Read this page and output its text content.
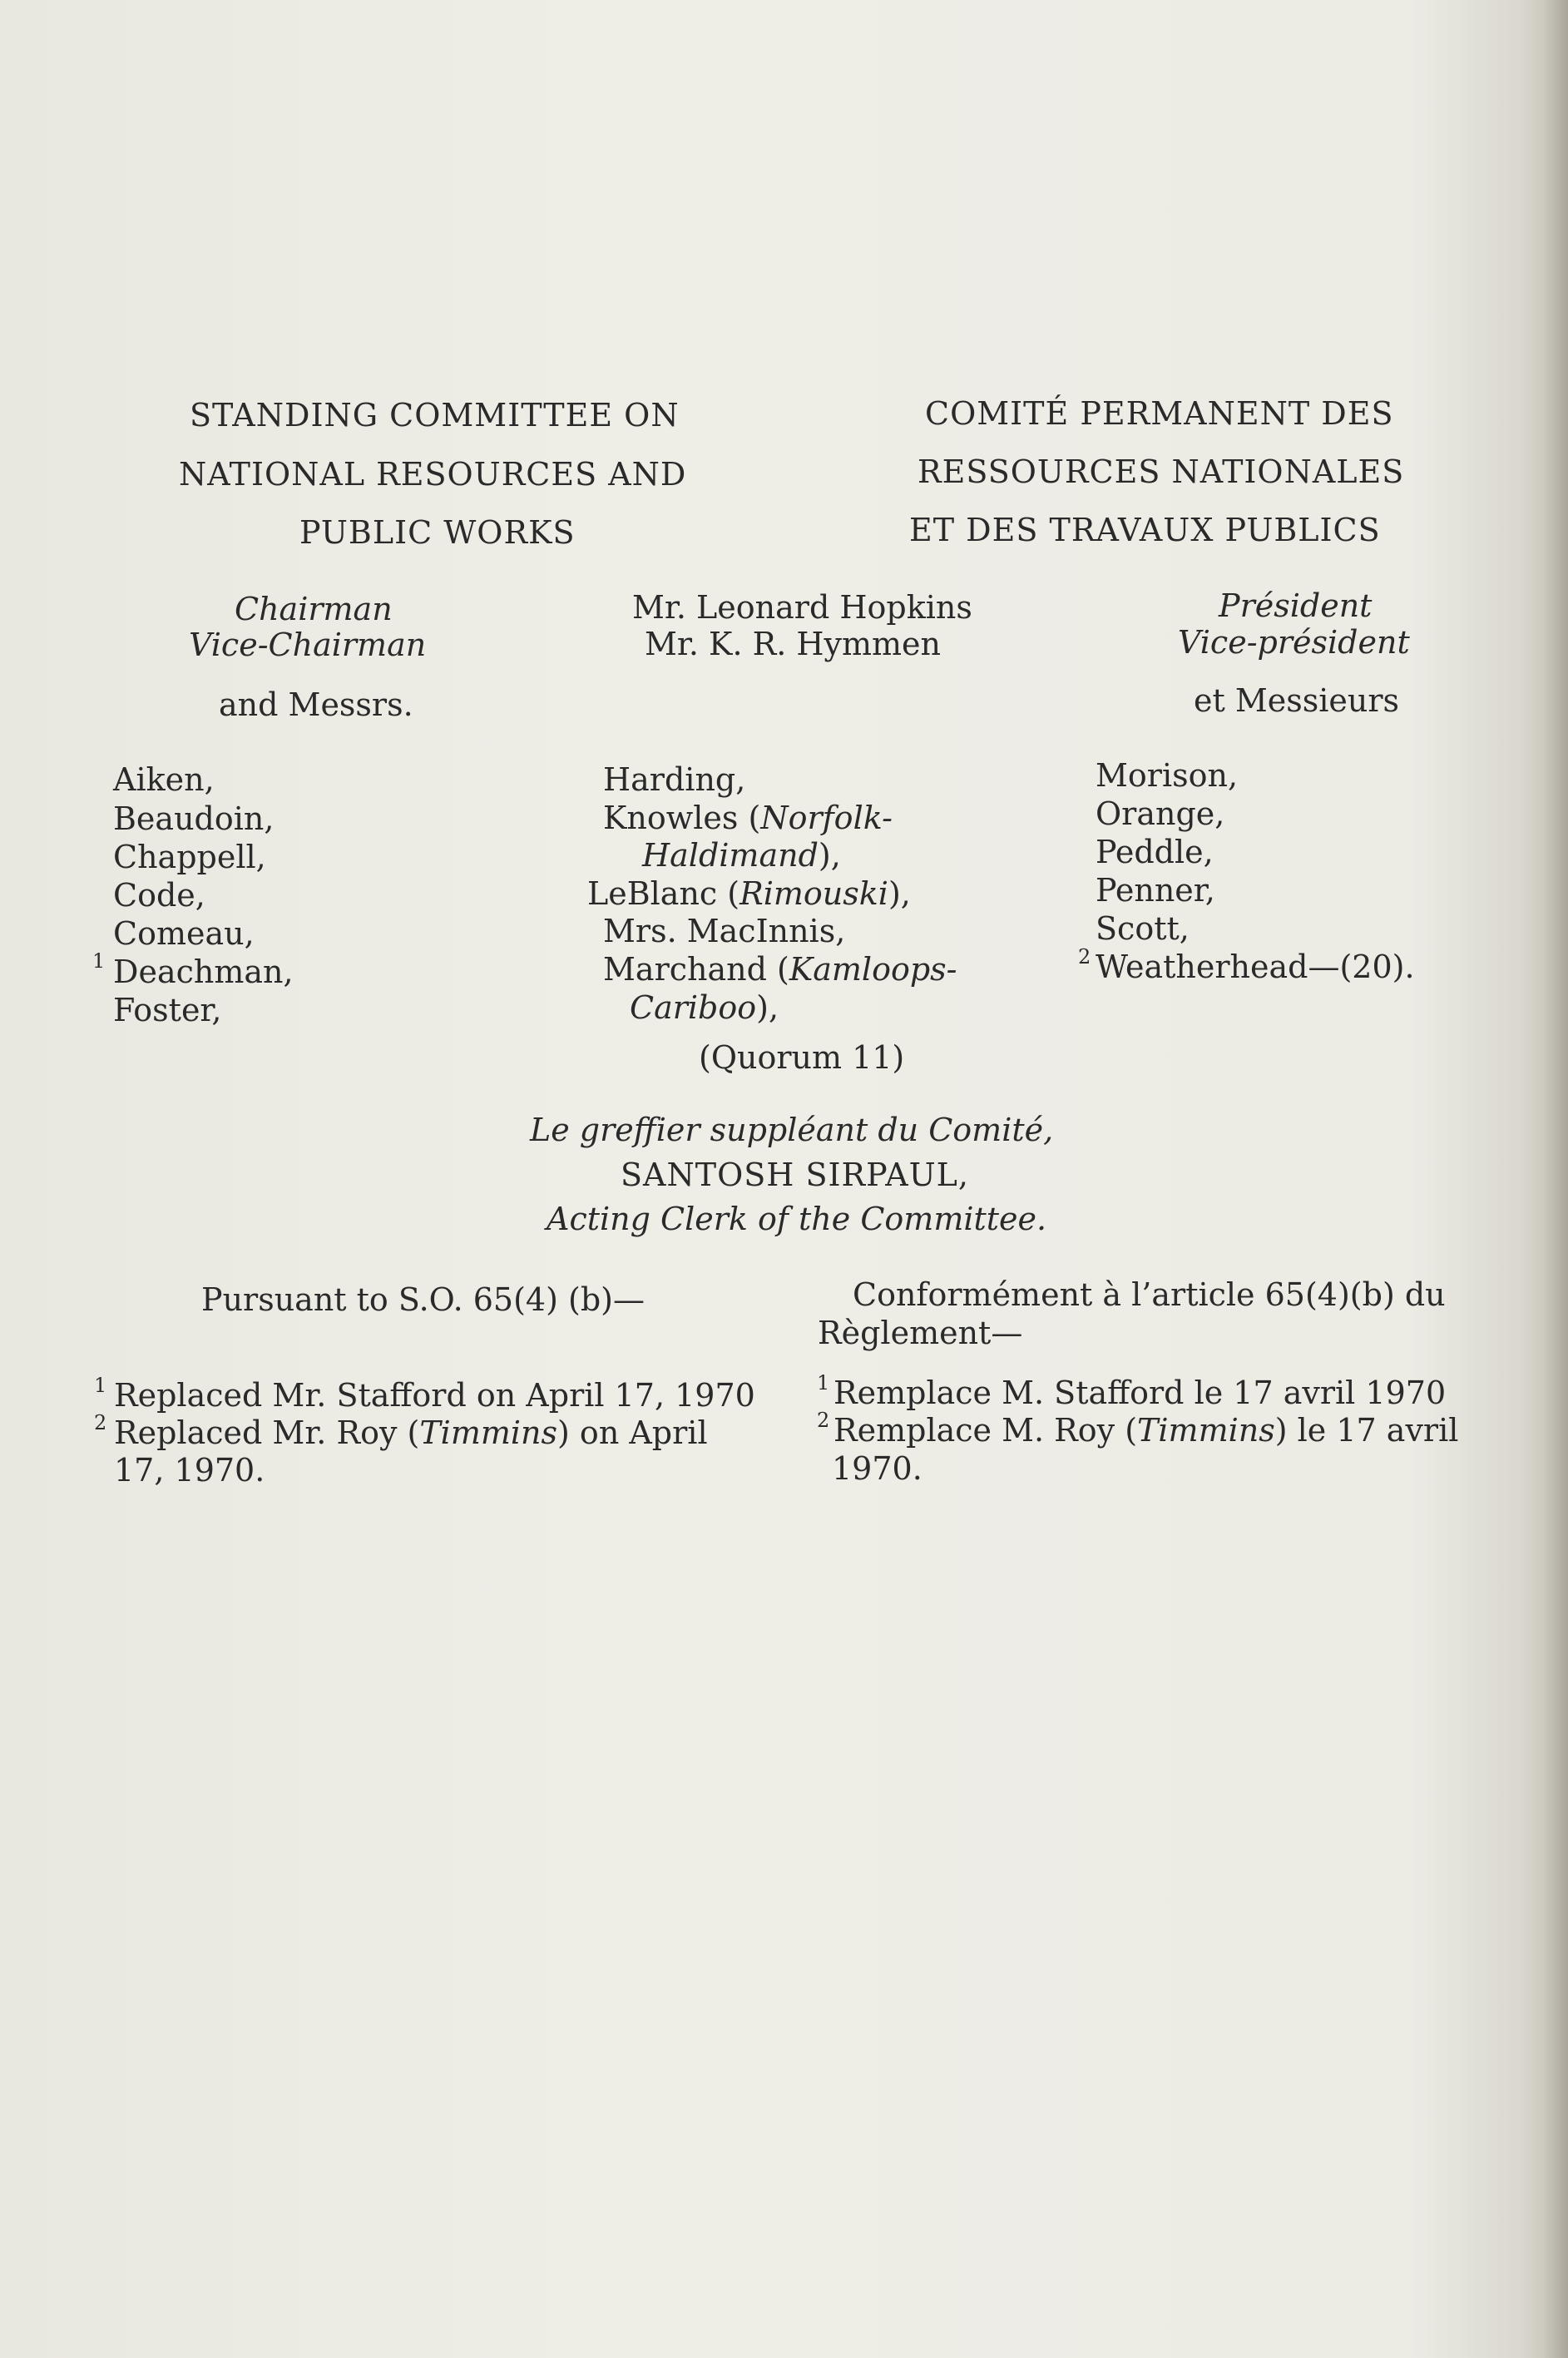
STANDING COMMITTEE ON
NATIONAL RESOURCES AND
PUBLIC WORKS
COMITÉ PERMANENT DES
RESSOURCES NATIONALES
ET DES TRAVAUX PUBLICS
Chairman
Vice-Chairman
Mr. Leonard Hopkins
Mr. K. R. Hymmen
Président
Vice-président
and Messrs.	et Messieurs
Aiken,
Beaudoin,
Chappell,
Code,
Comeau,
1 Deachman,
Foster,
Harding,
Knowles (Norfolk-
Haldimand),
LeBlanc (Rimouski),
Mrs. MacInnis,
Marchand (Kamloops-
Cariboo),
Morison,
Orange,
Peddle,
Penner,
Scott,
2 Weatherhead—(20).
(Quorum 11)
Le greffier suppléant du Comité,
SANTOSH SIRPAUL,
Acting Clerk of the Committee.
Pursuant to S.O. 65(4) (b)—	Conformément à l’article 65(4)(b) du
Règlement—
1 Replaced Mr. Stafford on April 17, 1970
2 Replaced Mr. Roy (Timmins) on April
17, 1970.
1 Remplace M. Stafford le 17 avril 1970
2 Remplace M. Roy (Timmins) le 17 avril
1970.
